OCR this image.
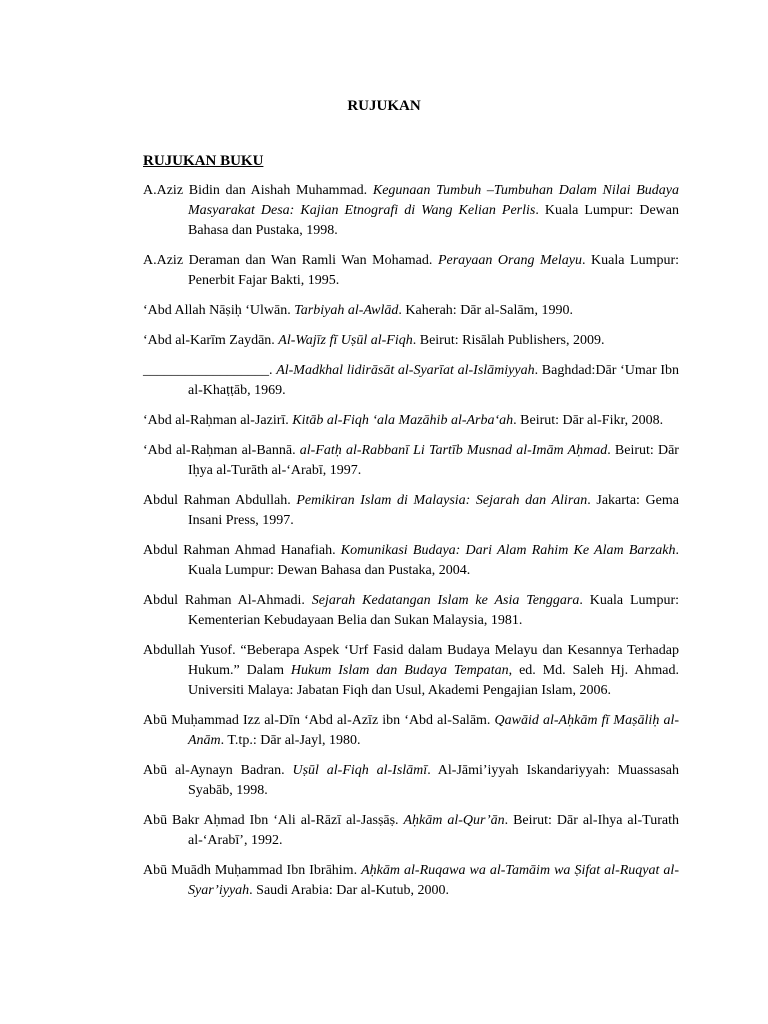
RUJUKAN

RUJUKAN BUKU

A.Aziz Bidin dan Aishah Muhammad. Kegunaan Tumbuh –Tumbuhan Dalam Nilai Budaya Masyarakat Desa: Kajian Etnografi di Wang Kelian Perlis. Kuala Lumpur: Dewan Bahasa dan Pustaka, 1998.

A.Aziz Deraman dan Wan Ramli Wan Mohamad. Perayaan Orang Melayu. Kuala Lumpur: Penerbit Fajar Bakti, 1995.

‘Abd Allah Nāṣiḥ ‘Ulwān. Tarbiyah al-Awlād. Kaherah: Dār al-Salām, 1990.

‘Abd al-Karīm Zaydān. Al-Wajīz fī Uṣūl al-Fiqh. Beirut: Risālah Publishers, 2009.

__________________. Al-Madkhal lidirāsāt al-Syarīat al-Islāmiyyah. Baghdad:Dār ‘Umar Ibn al-Khaṭṭāb, 1969.

‘Abd al-Raḥman al-Jazirī. Kitāb al-Fiqh ‘ala Mazāhib al-Arba‘ah. Beirut: Dār al-Fikr, 2008.

‘Abd al-Raḥman al-Bannā. al-Fatḥ al-Rabbanī Li Tartīb Musnad al-Imām Aḥmad. Beirut: Dār Iḥya al-Turāth al-‘Arabī, 1997.

Abdul Rahman Abdullah. Pemikiran Islam di Malaysia: Sejarah dan Aliran. Jakarta: Gema Insani Press, 1997.

Abdul Rahman Ahmad Hanafiah. Komunikasi Budaya: Dari Alam Rahim Ke Alam Barzakh. Kuala Lumpur: Dewan Bahasa dan Pustaka, 2004.

Abdul Rahman Al-Ahmadi. Sejarah Kedatangan Islam ke Asia Tenggara. Kuala Lumpur: Kementerian Kebudayaan Belia dan Sukan Malaysia, 1981.

Abdullah Yusof. “Beberapa Aspek ‘Urf Fasid dalam Budaya Melayu dan Kesannya Terhadap Hukum.” Dalam Hukum Islam dan Budaya Tempatan, ed. Md. Saleh Hj. Ahmad. Universiti Malaya: Jabatan Fiqh dan Usul, Akademi Pengajian Islam, 2006.

Abū Muḥammad Izz al-Dīn ‘Abd al-Azīz ibn ‘Abd al-Salām. Qawāid al-Aḥkām fī Maṣāliḥ al-Anām. T.tp.: Dār al-Jayl, 1980.

Abū al-Aynayn Badran. Uṣūl al-Fiqh al-Islāmī. Al-Jāmi’iyyah Iskandariyyah: Muassasah Syabāb, 1998.

Abū Bakr Aḥmad Ibn ‘Ali al-Rāzī al-Jasṣāṣ. Aḥkām al-Qur’ān. Beirut: Dār al-Ihya al-Turath al-‘Arabī’, 1992.

Abū Muādh Muḥammad Ibn Ibrāhim. Aḥkām al-Ruqawa wa al-Tamāim wa Ṣifat al-Ruqyat al-Syar’iyyah. Saudi Arabia: Dar al-Kutub, 2000.
